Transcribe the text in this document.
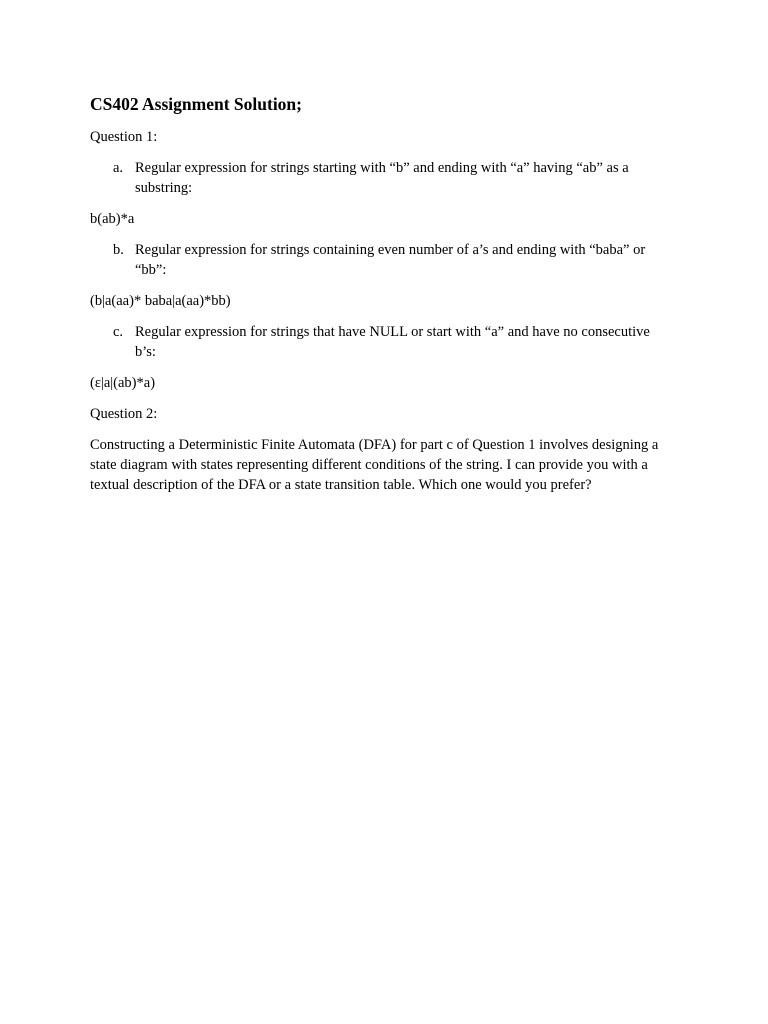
CS402 Assignment Solution;

Question 1:

a. Regular expression for strings starting with “b” and ending with “a” having “ab” as a substring:

b(ab)*a

b. Regular expression for strings containing even number of a’s and ending with “baba” or “bb”:

(b|a(aa)* baba|a(aa)*bb)

c. Regular expression for strings that have NULL or start with “a” and have no consecutive b’s:

(ε|a|(ab)*a)

Question 2:

Constructing a Deterministic Finite Automata (DFA) for part c of Question 1 involves designing a state diagram with states representing different conditions of the string. I can provide you with a textual description of the DFA or a state transition table. Which one would you prefer?
